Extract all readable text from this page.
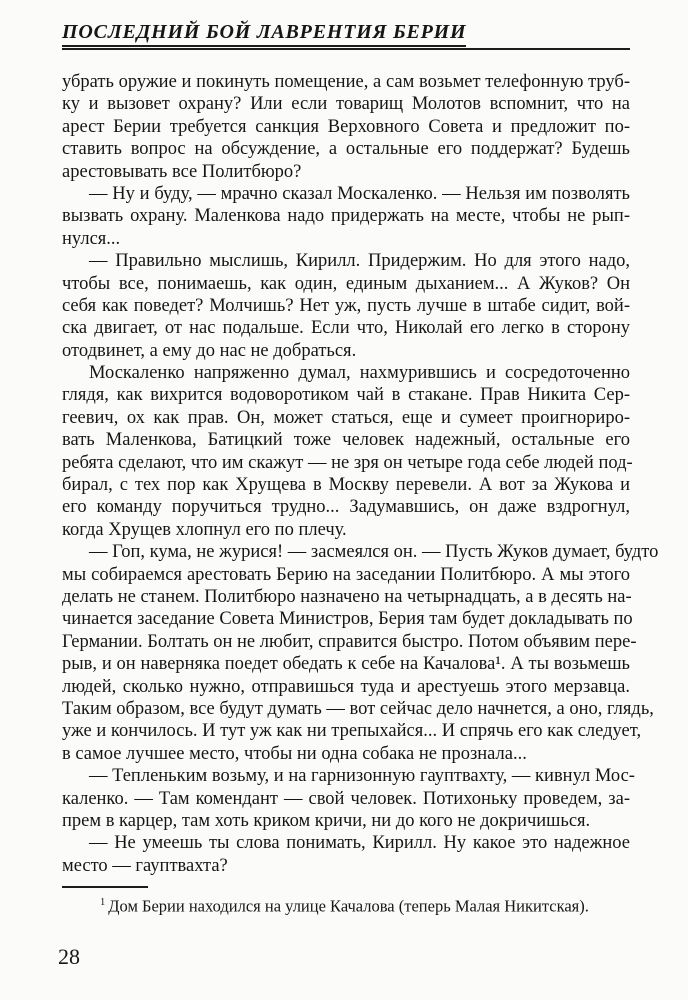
ПОСЛЕДНИЙ БОЙ ЛАВРЕНТИЯ БЕРИИ

убрать оружие и покинуть помещение, а сам возьмет телефонную труб-
ку и вызовет охрану? Или если товарищ Молотов вспомнит, что на
арест Берии требуется санкция Верховного Совета и предложит по-
ставить вопрос на обсуждение, а остальные его поддержат? Будешь
арестовывать все Политбюро?

— Ну и буду, — мрачно сказал Москаленко. — Нельзя им позволять
вызвать охрану. Маленкова надо придержать на месте, чтобы не рып-
нулся...

— Правильно мыслишь, Кирилл. Придержим. Но для этого надо,
чтобы все, понимаешь, как один, единым дыханием... А Жуков? Он
себя как поведет? Молчишь? Нет уж, пусть лучше в штабе сидит, вой-
ска двигает, от нас подальше. Если что, Николай его легко в сторону
отодвинет, а ему до нас не добраться.

Москаленко напряженно думал, нахмурившись и сосредоточенно
глядя, как вихрится водоворотиком чай в стакане. Прав Никита Сер-
геевич, ох как прав. Он, может статься, еще и сумеет проигнориро-
вать Маленкова, Батицкий тоже человек надежный, остальные его
ребята сделают, что им скажут — не зря он четыре года себе людей под-
бирал, с тех пор как Хрущева в Москву перевели. А вот за Жукова и
его команду поручиться трудно... Задумавшись, он даже вздрогнул,
когда Хрущев хлопнул его по плечу.

— Гоп, кума, не журися! — засмеялся он. — Пусть Жуков думает, будто
мы собираемся арестовать Берию на заседании Политбюро. А мы этого
делать не станем. Политбюро назначено на четырнадцать, а в десять на-
чинается заседание Совета Министров, Берия там будет докладывать по
Германии. Болтать он не любит, справится быстро. Потом объявим пере-
рыв, и он наверняка поедет обедать к себе на Качалова¹. А ты возьмешь
людей, сколько нужно, отправишься туда и арестуешь этого мерзавца.
Таким образом, все будут думать — вот сейчас дело начнется, а оно, глядь,
уже и кончилось. И тут уж как ни трепыхайся... И спрячь его как следует,
в самое лучшее место, чтобы ни одна собака не прознала...

— Тепленьким возьму, и на гарнизонную гауптвахту, — кивнул Мос-
каленко. — Там комендант — свой человек. Потихоньку проведем, за-
прем в карцер, там хоть криком кричи, ни до кого не докричишься.

— Не умеешь ты слова понимать, Кирилл. Ну какое это надежное
место — гауптвахта?

$^1$ Дом Берии находился на улице Качалова (теперь Малая Никитская).
28
